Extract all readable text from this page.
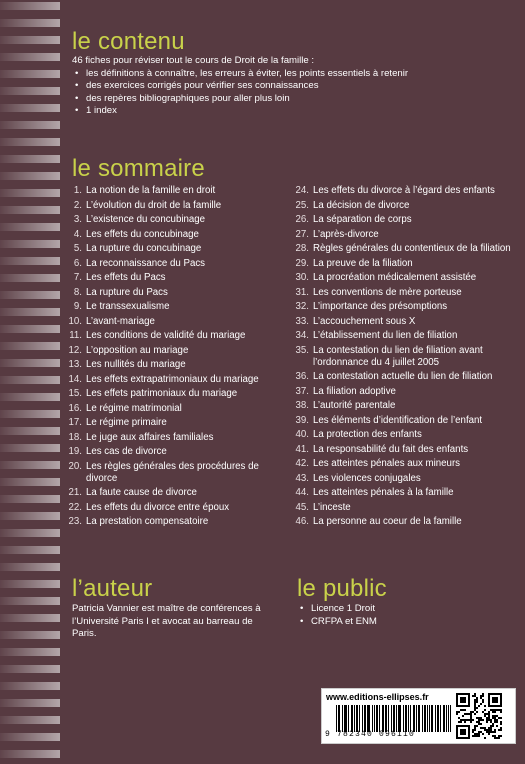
le contenu
46 fiches pour réviser tout le cours de Droit de la famille :
• les définitions à connaître, les erreurs à éviter, les points essentiels à retenir
• des exercices corrigés pour vérifier ses connaissances
• des repères bibliographiques pour aller plus loin
• 1 index
le sommaire
1. La notion de la famille en droit
2. L’évolution du droit de la famille
3. L’existence du concubinage
4. Les effets du concubinage
5. La rupture du concubinage
6. La reconnaissance du Pacs
7. Les effets du Pacs
8. La rupture du Pacs
9. Le transsexualisme
10. L’avant-mariage
11. Les conditions de validité du mariage
12. L’opposition au mariage
13. Les nullités du mariage
14. Les effets extrapatrimoniaux du mariage
15. Les effets patrimoniaux du mariage
16. Le régime matrimonial
17. Le régime primaire
18. Le juge aux affaires familiales
19. Les cas de divorce
20. Les règles générales des procédures de divorce
21. La faute cause de divorce
22. Les effets du divorce entre époux
23. La prestation compensatoire
24. Les effets du divorce à l’égard des enfants
25. La décision de divorce
26. La séparation de corps
27. L’après-divorce
28. Règles générales du contentieux de la filiation
29. La preuve de la filiation
30. La procréation médicalement assistée
31. Les conventions de mère porteuse
32. L’importance des présomptions
33. L’accouchement sous X
34. L’établissement du lien de filiation
35. La contestation du lien de filiation avant l’ordonnance du 4 juillet 2005
36. La contestation actuelle du lien de filiation
37. La filiation adoptive
38. L’autorité parentale
39. Les éléments d’identification de l’enfant
40. La protection des enfants
41. La responsabilité du fait des enfants
42. Les atteintes pénales aux mineurs
43. Les violences conjugales
44. Les atteintes pénales à la famille
45. L’inceste
46. La personne au coeur de la famille
l’auteur
Patricia Vannier est maître de conférences à l’Université Paris I et avocat au barreau de Paris.
le public
• Licence 1 Droit
• CRFPA et ENM
www.editions-ellipses.fr
9 782340 096110
